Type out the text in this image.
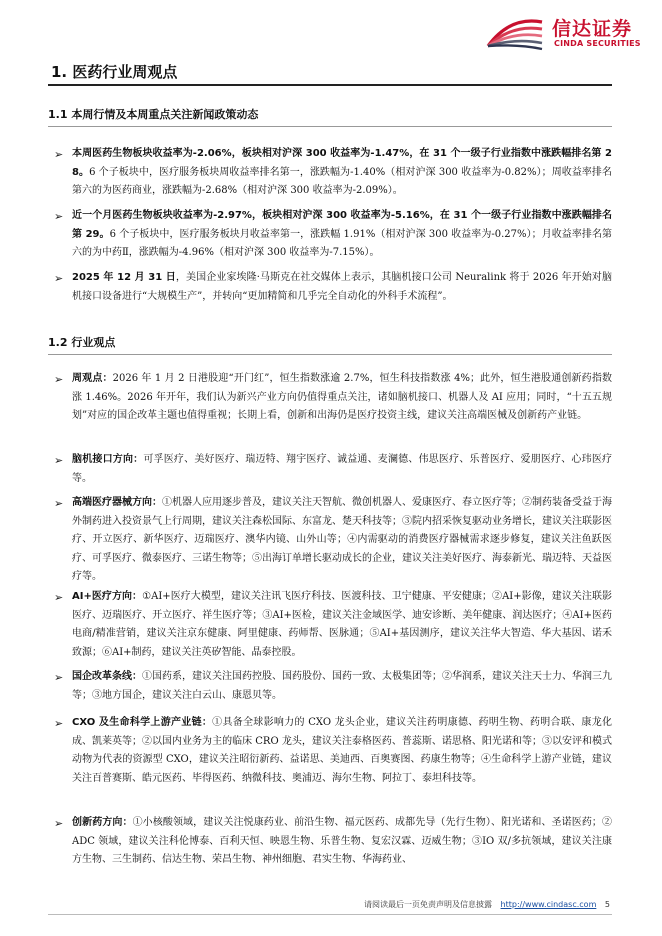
信达证券
CINDA SECURITIES
1. 医药行业周观点
1.1 本周行情及本周重点关注新闻政策动态
➢ 本周医药生物板块收益率为-2.06%，板块相对沪深 300 收益率为-1.47%，在 31 个一级子行业指数中涨跌幅排名第 28。6 个子板块中，医疗服务板块周收益率排名第一，涨跌幅为-1.40%（相对沪深 300 收益率为-0.82%）；周收益率排名第六的为医药商业，涨跌幅为-2.68%（相对沪深 300 收益率为-2.09%）。
➢ 近一个月医药生物板块收益率为-2.97%，板块相对沪深 300 收益率为-5.16%，在 31 个一级子行业指数中涨跌幅排名第 29。6 个子板块中，医疗服务板块月收益率第一，涨跌幅 1.91%（相对沪深 300 收益率为-0.27%）；月收益率排名第六的为中药Ⅱ，涨跌幅为-4.96%（相对沪深 300 收益率为-7.15%）。
➢ 2025 年 12 月 31 日，美国企业家埃隆·马斯克在社交媒体上表示，其脑机接口公司 Neuralink 将于 2026 年开始对脑机接口设备进行“大规模生产”，并转向“更加精简和几乎完全自动化的外科手术流程”。
1.2 行业观点
➢ 周观点：2026 年 1 月 2 日港股迎“开门红”，恒生指数涨逾 2.7%，恒生科技指数涨 4%；此外，恒生港股通创新药指数涨 1.46%。2026 年开年，我们认为新兴产业方向仍值得重点关注，诸如脑机接口、机器人及 AI 应用；同时，“十五五规划”对应的国企改革主题也值得重视；长期上看，创新和出海仍是医疗投资主线，建议关注高端医械及创新药产业链。
➢ 脑机接口方向：可孚医疗、美好医疗、瑞迈特、翔宇医疗、诚益通、麦澜德、伟思医疗、乐普医疗、爱朋医疗、心玮医疗等。
➢ 高端医疗器械方向：①机器人应用逐步普及，建议关注天智航、微创机器人、爱康医疗、春立医疗等；②制药装备受益于海外制药进入投资景气上行周期，建议关注森松国际、东富龙、楚天科技等；③院内招采恢复驱动业务增长，建议关注联影医疗、开立医疗、新华医疗、迈瑞医疗、澳华内镜、山外山等；④内需驱动的消费医疗器械需求逐步修复，建议关注鱼跃医疗、可孚医疗、微泰医疗、三诺生物等；⑤出海订单增长驱动成长的企业，建议关注美好医疗、海泰新光、瑞迈特、天益医疗等。
➢ AI+医疗方向：①AI+医疗大模型，建议关注讯飞医疗科技、医渡科技、卫宁健康、平安健康；②AI+影像，建议关注联影医疗、迈瑞医疗、开立医疗、祥生医疗等；③AI+医检，建议关注金域医学、迪安诊断、美年健康、润达医疗；④AI+医药电商/精准营销，建议关注京东健康、阿里健康、药师帮、医脉通；⑤AI+基因测序，建议关注华大智造、华大基因、诺禾致源；⑥AI+制药，建议关注英矽智能、晶泰控股。
➢ 国企改革条线：①国药系，建议关注国药控股、国药股份、国药一致、太极集团等；②华润系，建议关注天士力、华润三九等；③地方国企，建议关注白云山、康恩贝等。
➢ CXO 及生命科学上游产业链：①具备全球影响力的 CXO 龙头企业，建议关注药明康德、药明生物、药明合联、康龙化成、凯莱英等；②以国内业务为主的临床 CRO 龙头，建议关注泰格医药、普蕊斯、诺思格、阳光诺和等；③以安评和模式动物为代表的资源型 CXO，建议关注昭衍新药、益诺思、美迪西、百奥赛图、药康生物等；④生命科学上游产业链，建议关注百普赛斯、皓元医药、毕得医药、纳微科技、奥浦迈、海尔生物、阿拉丁、泰坦科技等。
➢ 创新药方向：①小核酸领域，建议关注悦康药业、前沿生物、福元医药、成都先导（先行生物）、阳光诺和、圣诺医药；②ADC 领域，建议关注科伦博泰、百利天恒、映恩生物、乐普生物、复宏汉霖、迈威生物；③IO 双/多抗领域，建议关注康方生物、三生制药、信达生物、荣昌生物、神州细胞、君实生物、华海药业、
请阅读最后一页免责声明及信息披露 http://www.cindasc.com 5
